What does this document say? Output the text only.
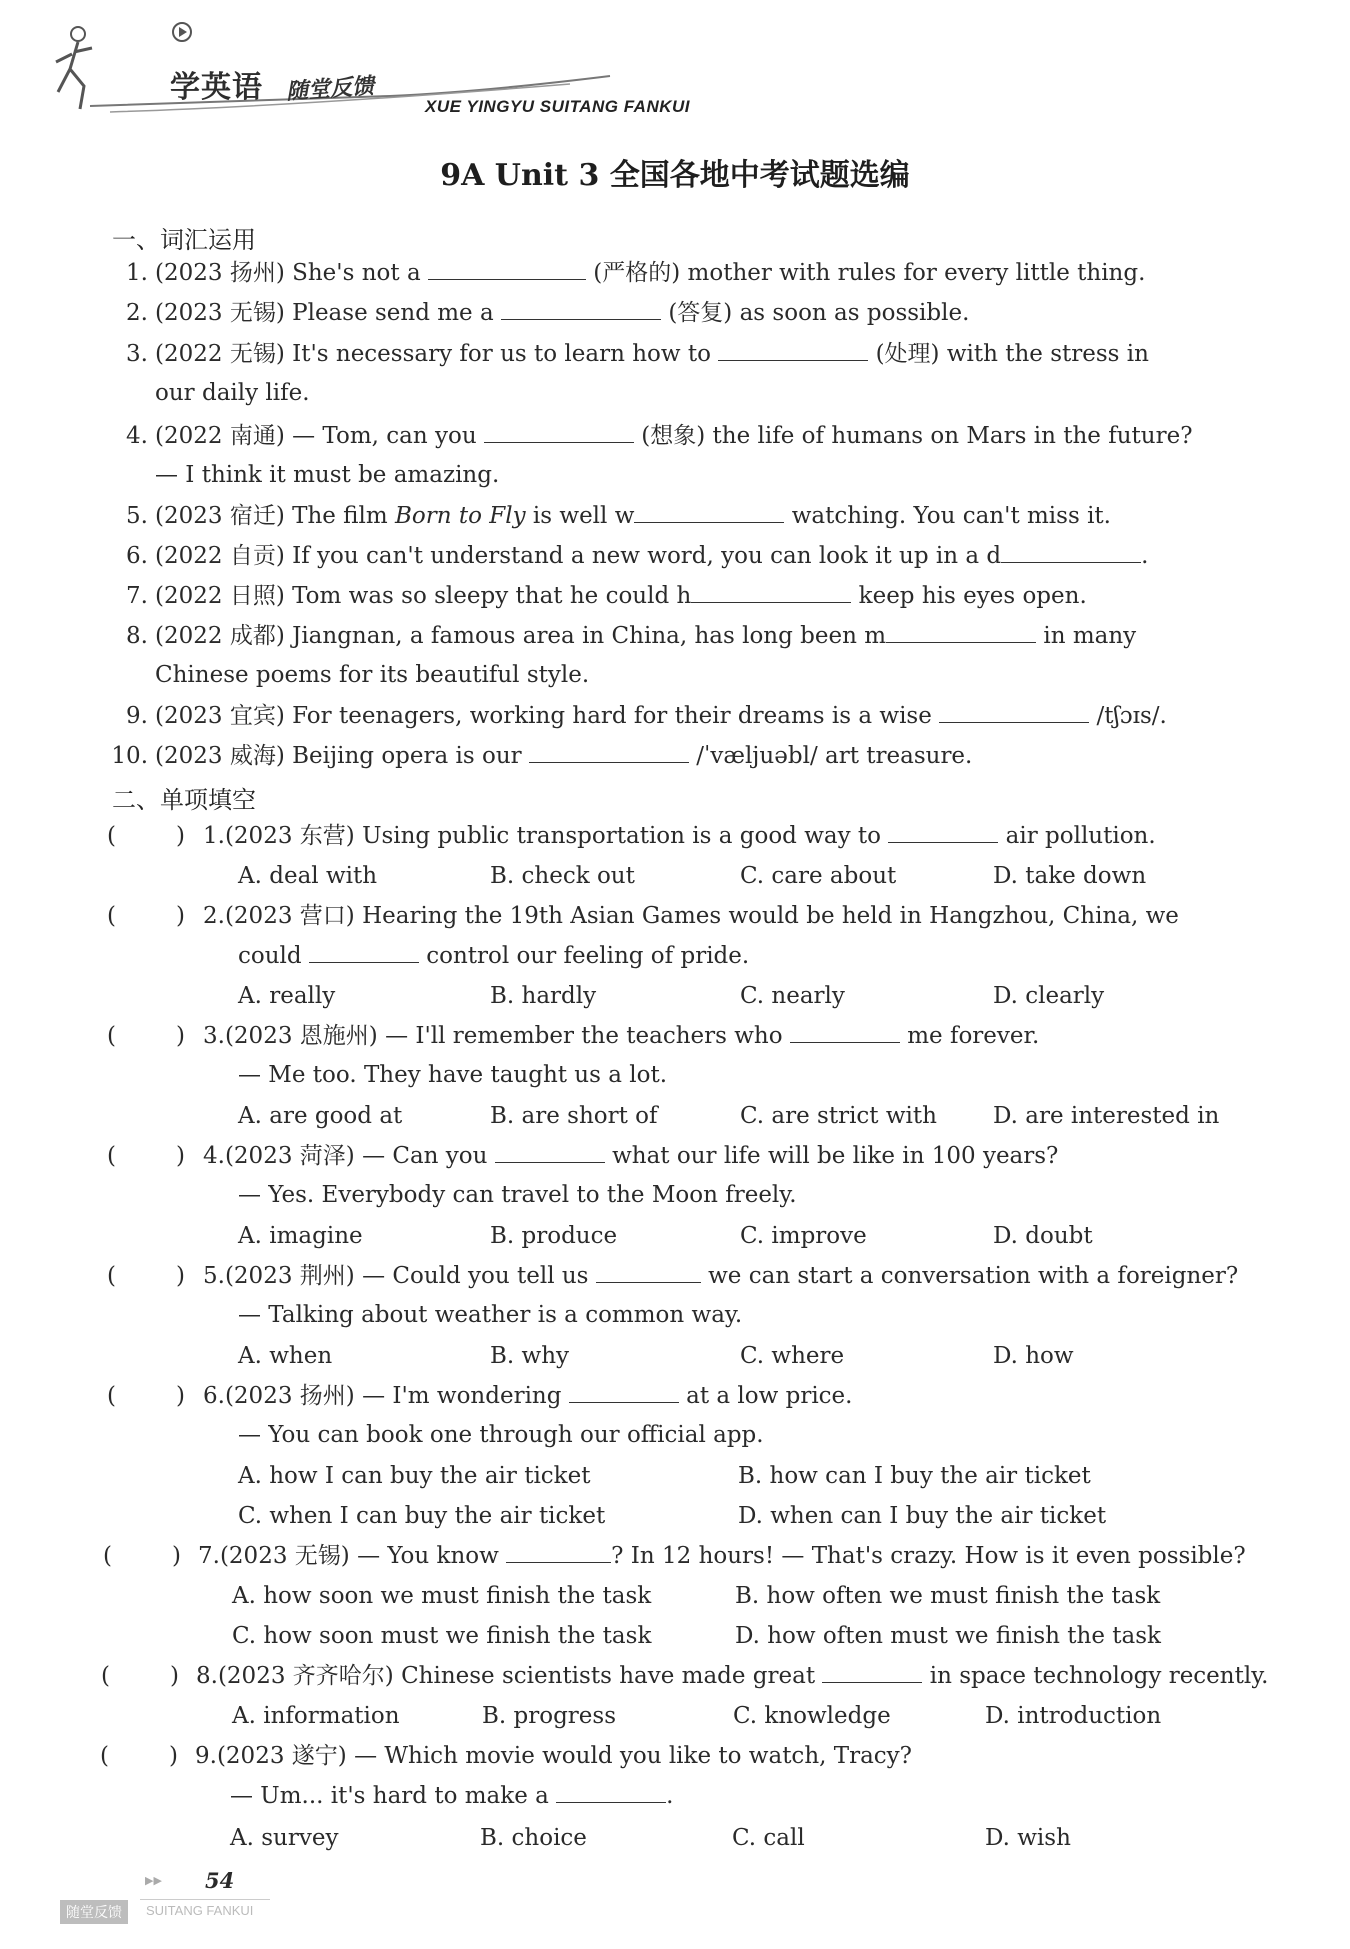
学英语 随堂反馈
XUE YINGYU SUITANG FANKUI
9A Unit 3 全国各地中考试题选编
一、词汇运用
1. (2023 扬州) She's not a	(严格的) mother with rules for every little thing.
2. (2023 无锡) Please send me a	(答复) as soon as possible.
3. (2022 无锡) It's necessary for us to learn how to	(处理) with the stress in
our daily life.
4. (2022 南通) — Tom, can you	(想象) the life of humans on Mars in the future?
— I think it must be amazing.
5. (2023 宿迁) The film Born to Fly is well w	watching. You can't miss it.
6. (2022 自贡) If you can't understand a new word, you can look it up in a d	.
7. (2022 日照) Tom was so sleepy that he could h	keep his eyes open.
8. (2022 成都) Jiangnan, a famous area in China, has long been m	in many
Chinese poems for its beautiful style.
9. (2023 宜宾) For teenagers, working hard for their dreams is a wise	/tʃɔɪs/.
10. (2023 威海) Beijing opera is our	/ˈvæljuəbl/ art treasure.
二、单项填空
(	) 1.(2023 东营) Using public transportation is a good way to	air pollution.
A. deal with	B. check out	C. care about	D. take down
(	) 2.(2023 营口) Hearing the 19th Asian Games would be held in Hangzhou, China, we
could	control our feeling of pride.
A. really	B. hardly	C. nearly	D. clearly
(	) 3.(2023 恩施州) — I'll remember the teachers who	me forever.
— Me too. They have taught us a lot.
A. are good at	B. are short of	C. are strict with D. are interested in
(	) 4.(2023 菏泽) — Can you	what our life will be like in 100 years?
— Yes. Everybody can travel to the Moon freely.
A. imagine	B. produce	C. improve	D. doubt
(	) 5.(2023 荆州) — Could you tell us	we can start a conversation with a foreigner?
— Talking about weather is a common way.
A. when	B. why	C. where	D. how
(	) 6.(2023 扬州) — I'm wondering	at a low price.
— You can book one through our official app.
A. how I can buy the air ticket	B. how can I buy the air ticket
C. when I can buy the air ticket	D. when can I buy the air ticket
(	) 7.(2023 无锡) — You know	? In 12 hours! — That's crazy. How is it even possible?
A. how soon we must finish the task	B. how often we must finish the task
C. how soon must we finish the task	D. how often must we finish the task
(	) 8.(2023 齐齐哈尔) Chinese scientists have made great	in space technology recently.
A. information	B. progress	C. knowledge	D. introduction
(	) 9.(2023 遂宁) — Which movie would you like to watch, Tracy?
— Um... it's hard to make a	.
A. survey	B. choice	C. call	D. wish
▶▶ 54
随堂反馈	SUITANG FANKUI
